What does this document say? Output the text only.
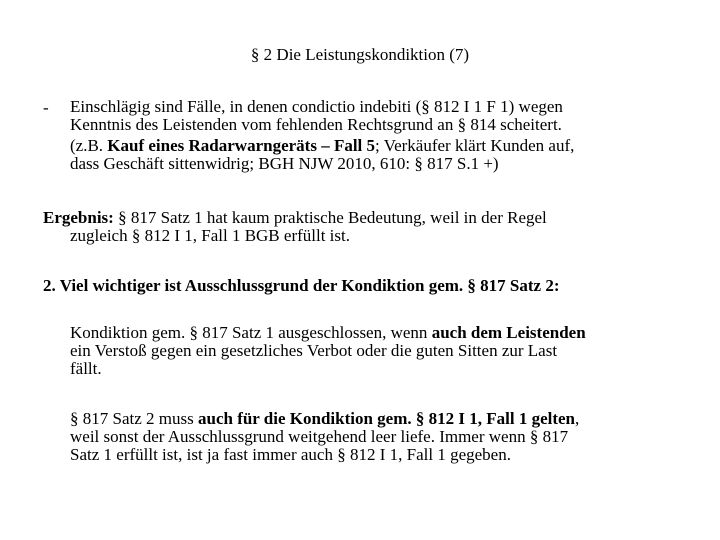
§ 2 Die Leistungskondiktion (7)
- Einschlägig sind Fälle, in denen condictio indebiti (§ 812 I 1 F 1) wegen
Kenntnis des Leistenden vom fehlenden Rechtsgrund an § 814 scheitert.
(z.B. Kauf eines Radarwarngeräts – Fall 5; Verkäufer klärt Kunden auf,
dass Geschäft sittenwidrig; BGH NJW 2010, 610: § 817 S.1 +)
Ergebnis: § 817 Satz 1 hat kaum praktische Bedeutung, weil in der Regel
zugleich § 812 I 1, Fall 1 BGB erfüllt ist.
2. Viel wichtiger ist Ausschlussgrund der Kondiktion gem. § 817 Satz 2:
Kondiktion gem. § 817 Satz 1 ausgeschlossen, wenn auch dem Leistenden
ein Verstoß gegen ein gesetzliches Verbot oder die guten Sitten zur Last
fällt.
§ 817 Satz 2 muss auch für die Kondiktion gem. § 812 I 1, Fall 1 gelten,
weil sonst der Ausschlussgrund weitgehend leer liefe. Immer wenn § 817
Satz 1 erfüllt ist, ist ja fast immer auch § 812 I 1, Fall 1 gegeben.
